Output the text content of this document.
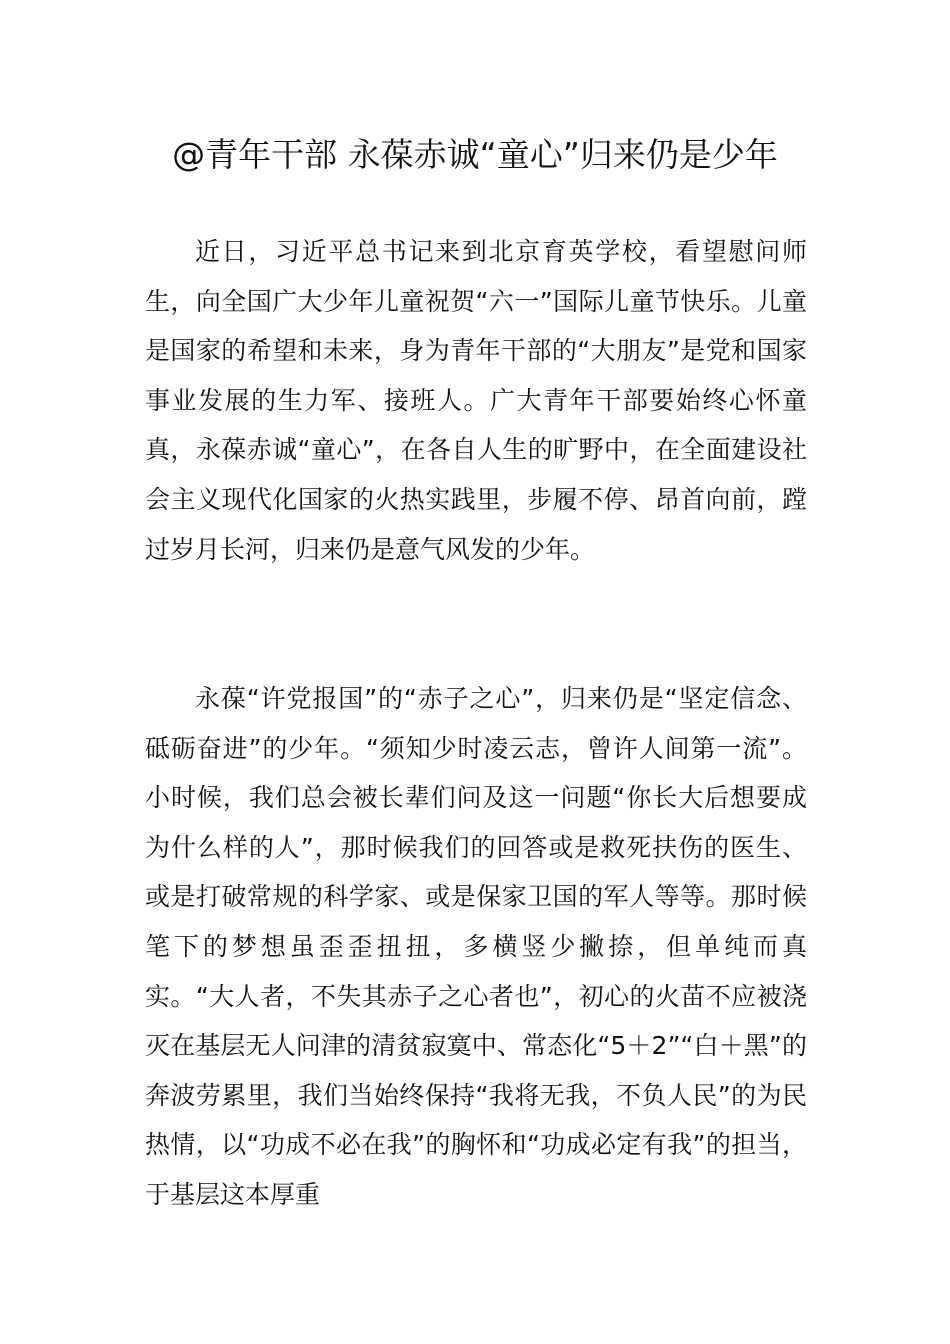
@青年干部 永葆赤诚“童心”归来仍是少年

近日，习近平总书记来到北京育英学校，看望慰问师生，向全国广大少年儿童祝贺“六一”国际儿童节快乐。儿童是国家的希望和未来，身为青年干部的“大朋友”是党和国家事业发展的生力军、接班人。广大青年干部要始终心怀童真，永葆赤诚“童心”，在各自人生的旷野中，在全面建设社会主义现代化国家的火热实践里，步履不停、昂首向前，蹚过岁月长河，归来仍是意气风发的少年。

永葆“许党报国”的“赤子之心”，归来仍是“坚定信念、砥砺奋进”的少年。“须知少时凌云志，曾许人间第一流”。小时候，我们总会被长辈们问及这一问题“你长大后想要成为什么样的人”，那时候我们的回答或是救死扶伤的医生、或是打破常规的科学家、或是保家卫国的军人等等。那时候笔下的梦想虽歪歪扭扭，多横竖少撇捺，但单纯而真实。“大人者，不失其赤子之心者也”，初心的火苗不应被浇灭在基层无人问津的清贫寂寞中、常态化“5＋2”“白＋黑”的奔波劳累里，我们当始终保持“我将无我，不负人民”的为民热情，以“功成不必在我”的胸怀和“功成必定有我”的担当，于基层这本厚重
